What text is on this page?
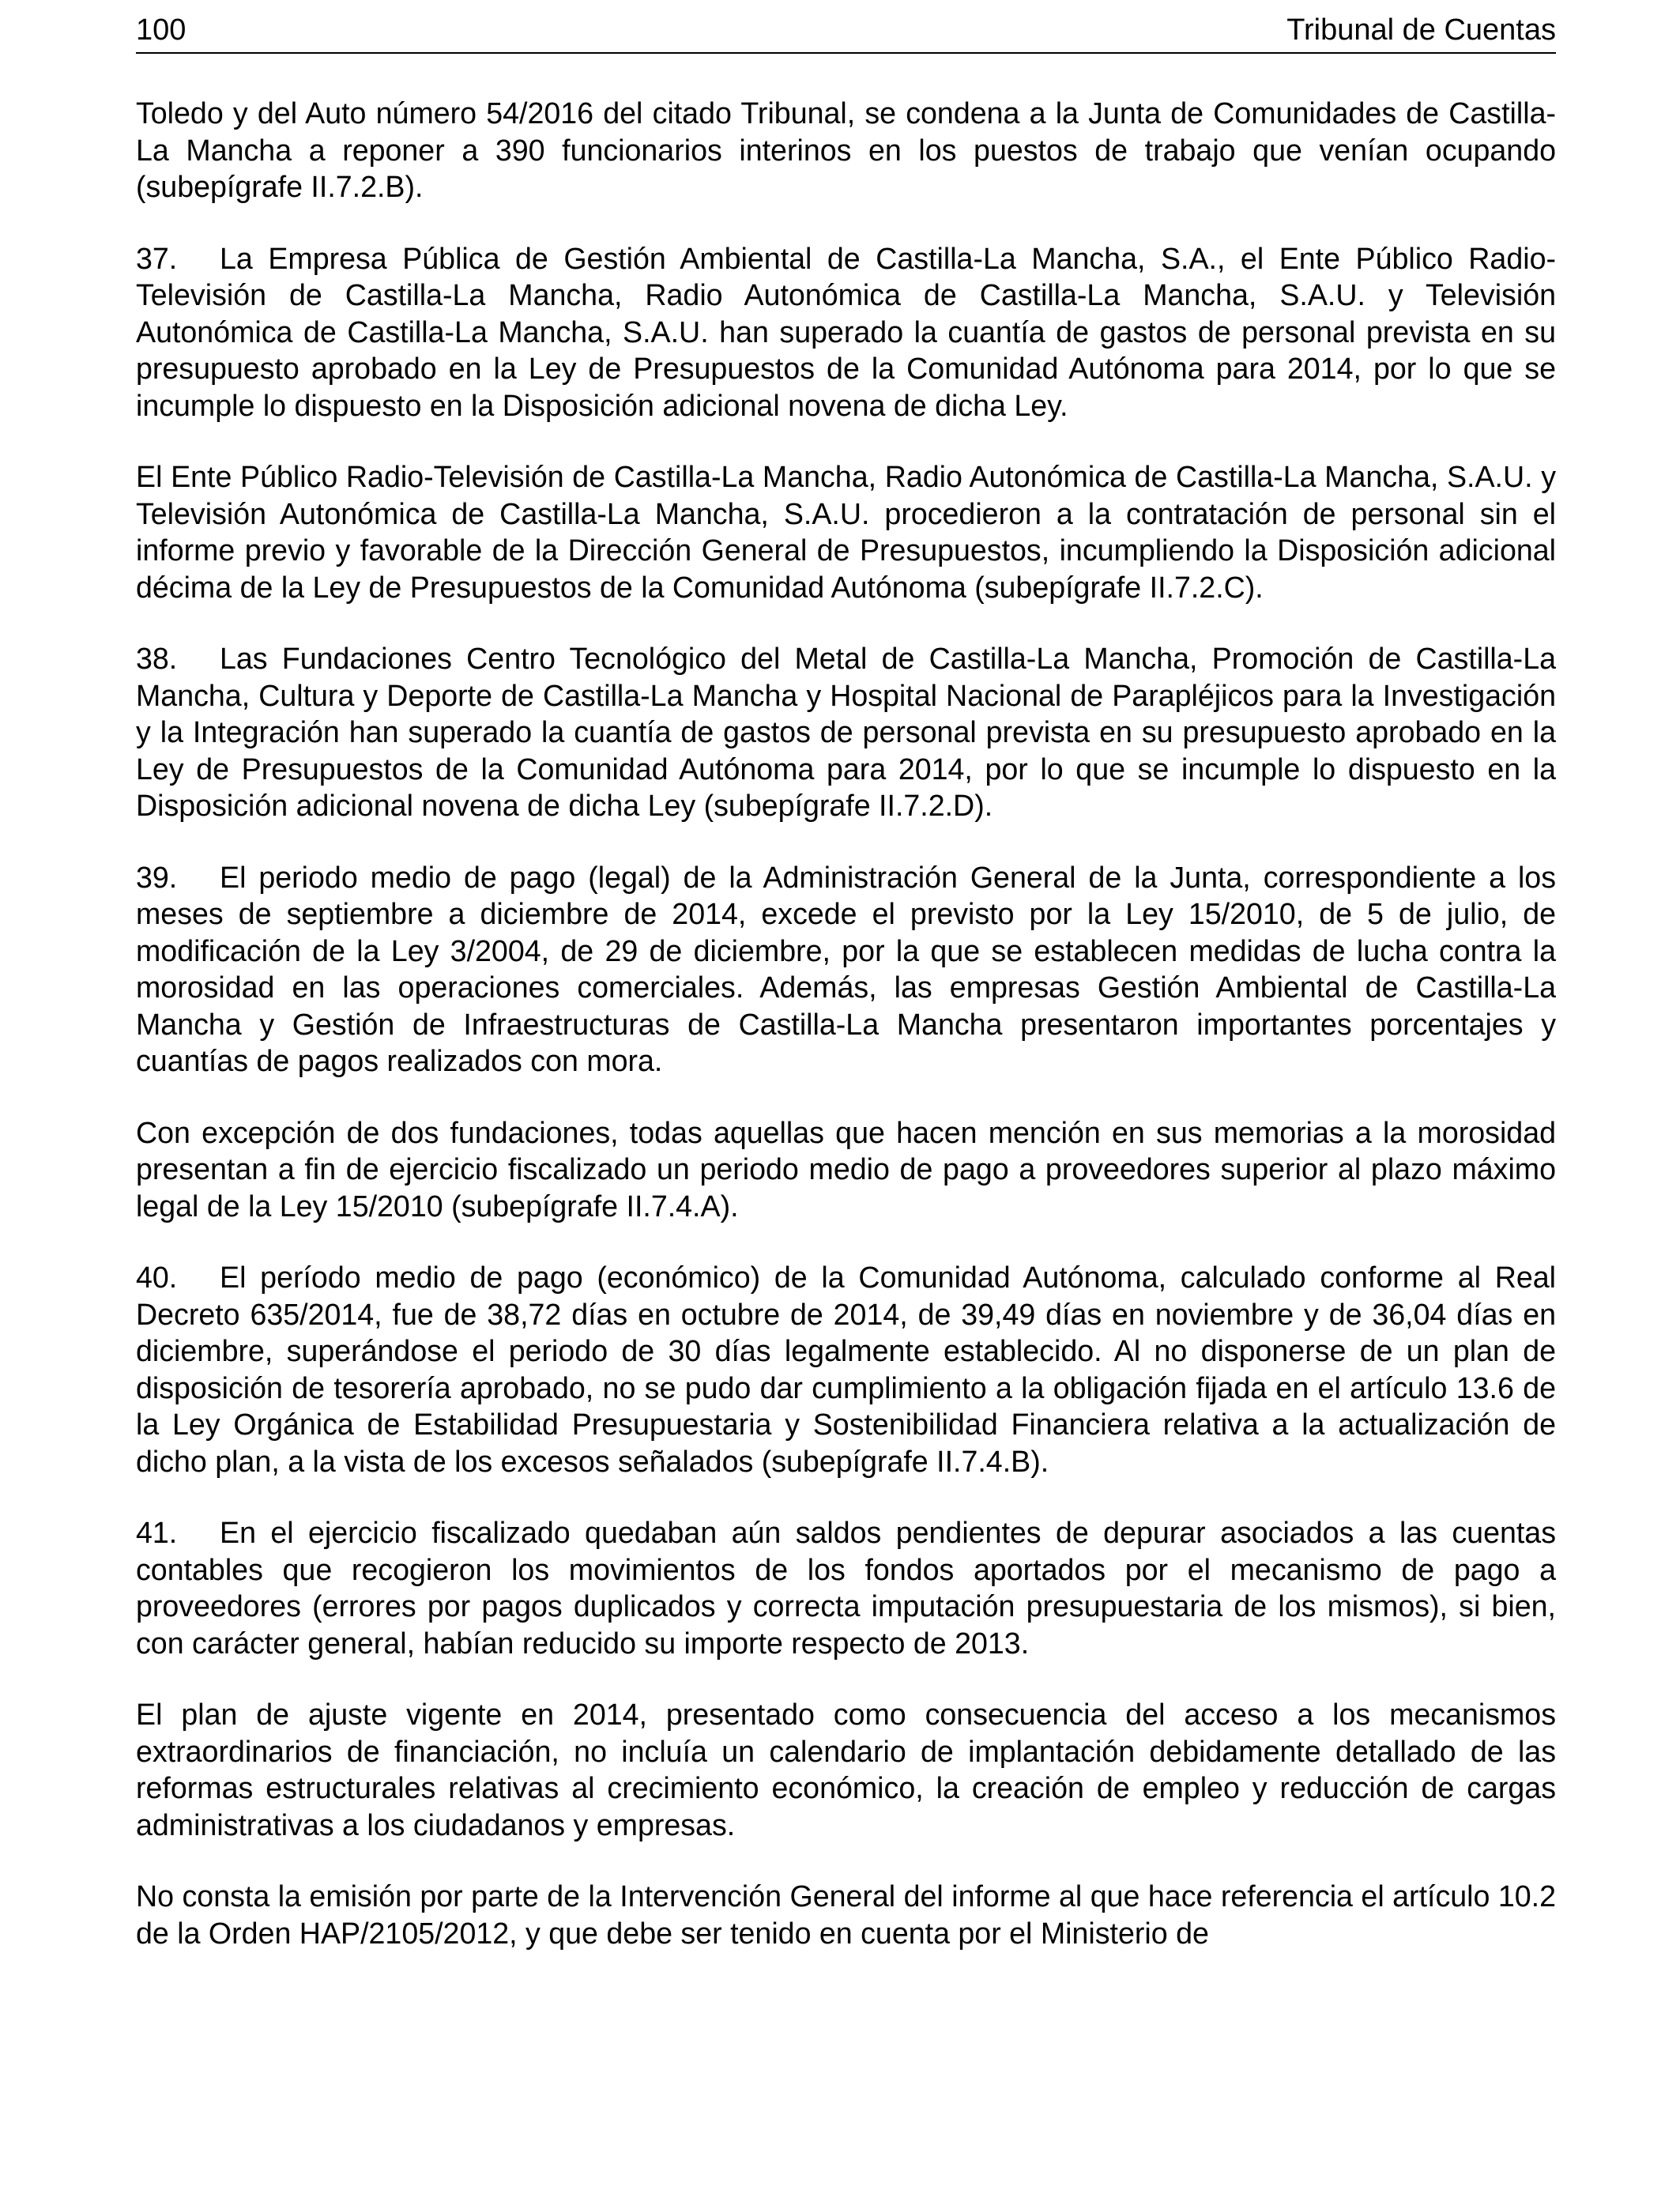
100	Tribunal de Cuentas

Toledo y del Auto número 54/2016 del citado Tribunal, se condena a la Junta de Comunidades de Castilla-La Mancha a reponer a 390 funcionarios interinos en los puestos de trabajo que venían ocupando (subepígrafe II.7.2.B).

37. La Empresa Pública de Gestión Ambiental de Castilla-La Mancha, S.A., el Ente Público Radio-Televisión de Castilla-La Mancha, Radio Autonómica de Castilla-La Mancha, S.A.U. y Televisión Autonómica de Castilla-La Mancha, S.A.U. han superado la cuantía de gastos de personal prevista en su presupuesto aprobado en la Ley de Presupuestos de la Comunidad Autónoma para 2014, por lo que se incumple lo dispuesto en la Disposición adicional novena de dicha Ley.

El Ente Público Radio-Televisión de Castilla-La Mancha, Radio Autonómica de Castilla-La Mancha, S.A.U. y Televisión Autonómica de Castilla-La Mancha, S.A.U. procedieron a la contratación de personal sin el informe previo y favorable de la Dirección General de Presupuestos, incumpliendo la Disposición adicional décima de la Ley de Presupuestos de la Comunidad Autónoma (subepígrafe II.7.2.C).

38. Las Fundaciones Centro Tecnológico del Metal de Castilla-La Mancha, Promoción de Castilla-La Mancha, Cultura y Deporte de Castilla-La Mancha y Hospital Nacional de Parapléjicos para la Investigación y la Integración han superado la cuantía de gastos de personal prevista en su presupuesto aprobado en la Ley de Presupuestos de la Comunidad Autónoma para 2014, por lo que se incumple lo dispuesto en la Disposición adicional novena de dicha Ley (subepígrafe II.7.2.D).

39. El periodo medio de pago (legal) de la Administración General de la Junta, correspondiente a los meses de septiembre a diciembre de 2014, excede el previsto por la Ley 15/2010, de 5 de julio, de modificación de la Ley 3/2004, de 29 de diciembre, por la que se establecen medidas de lucha contra la morosidad en las operaciones comerciales. Además, las empresas Gestión Ambiental de Castilla-La Mancha y Gestión de Infraestructuras de Castilla-La Mancha presentaron importantes porcentajes y cuantías de pagos realizados con mora.

Con excepción de dos fundaciones, todas aquellas que hacen mención en sus memorias a la morosidad presentan a fin de ejercicio fiscalizado un periodo medio de pago a proveedores superior al plazo máximo legal de la Ley 15/2010 (subepígrafe II.7.4.A).

40. El período medio de pago (económico) de la Comunidad Autónoma, calculado conforme al Real Decreto 635/2014, fue de 38,72 días en octubre de 2014, de 39,49 días en noviembre y de 36,04 días en diciembre, superándose el periodo de 30 días legalmente establecido. Al no disponerse de un plan de disposición de tesorería aprobado, no se pudo dar cumplimiento a la obligación fijada en el artículo 13.6 de la Ley Orgánica de Estabilidad Presupuestaria y Sostenibilidad Financiera relativa a la actualización de dicho plan, a la vista de los excesos señalados (subepígrafe II.7.4.B).

41. En el ejercicio fiscalizado quedaban aún saldos pendientes de depurar asociados a las cuentas contables que recogieron los movimientos de los fondos aportados por el mecanismo de pago a proveedores (errores por pagos duplicados y correcta imputación presupuestaria de los mismos), si bien, con carácter general, habían reducido su importe respecto de 2013.

El plan de ajuste vigente en 2014, presentado como consecuencia del acceso a los mecanismos extraordinarios de financiación, no incluía un calendario de implantación debidamente detallado de las reformas estructurales relativas al crecimiento económico, la creación de empleo y reducción de cargas administrativas a los ciudadanos y empresas.

No consta la emisión por parte de la Intervención General del informe al que hace referencia el artículo 10.2 de la Orden HAP/2105/2012, y que debe ser tenido en cuenta por el Ministerio de
